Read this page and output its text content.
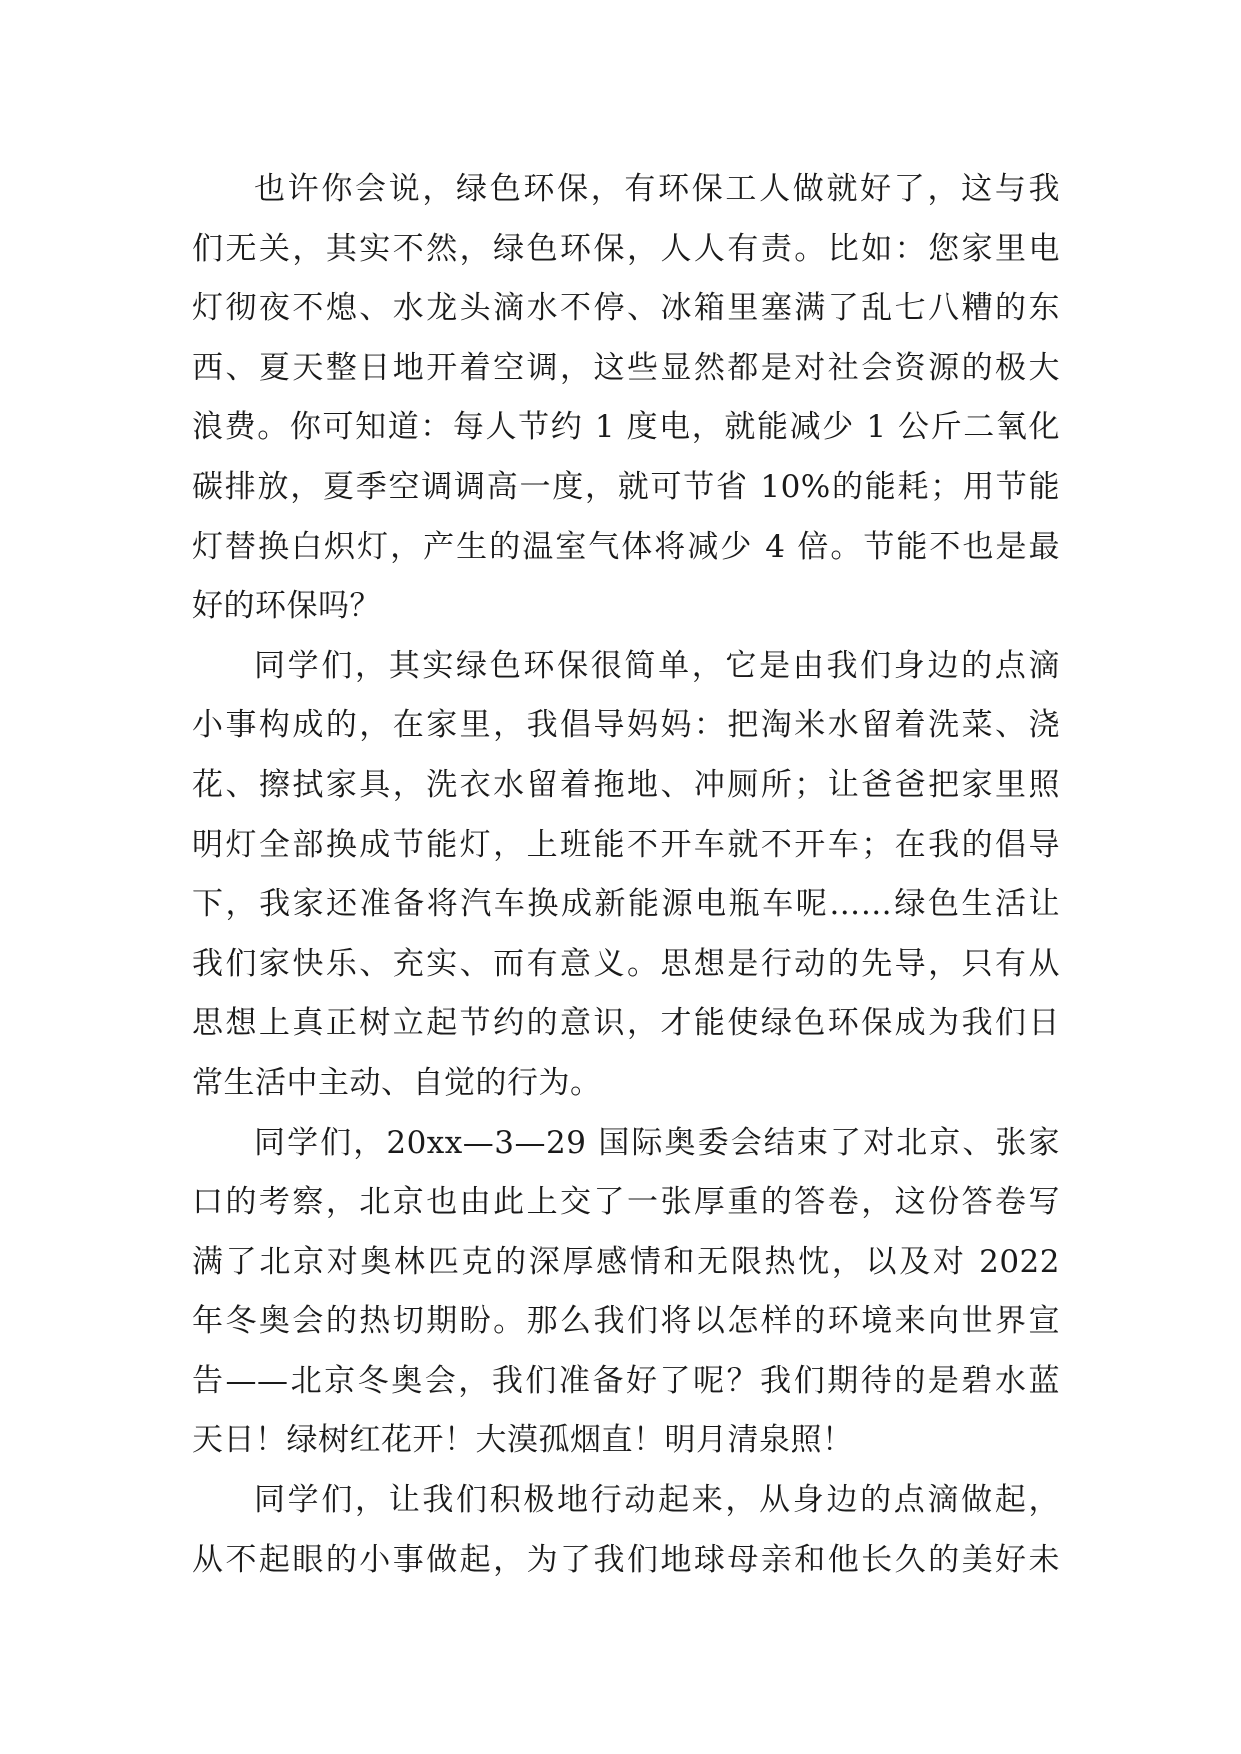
也许你会说，绿色环保，有环保工人做就好了，这与我
们无关，其实不然，绿色环保，人人有责。比如：您家里电
灯彻夜不熄、水龙头滴水不停、冰箱里塞满了乱七八糟的东
西、夏天整日地开着空调，这些显然都是对社会资源的极大
浪费。你可知道：每人节约 1 度电，就能减少 1 公斤二氧化
碳排放，夏季空调调高一度，就可节省 10%的能耗；用节能
灯替换白炽灯，产生的温室气体将减少 4 倍。节能不也是最
好的环保吗？
同学们，其实绿色环保很简单，它是由我们身边的点滴
小事构成的，在家里，我倡导妈妈：把淘米水留着洗菜、浇
花、擦拭家具，洗衣水留着拖地、冲厕所；让爸爸把家里照
明灯全部换成节能灯，上班能不开车就不开车；在我的倡导
下，我家还准备将汽车换成新能源电瓶车呢……绿色生活让
我们家快乐、充实、而有意义。思想是行动的先导，只有从
思想上真正树立起节约的意识，才能使绿色环保成为我们日
常生活中主动、自觉的行为。
同学们，20xx—3—29 国际奥委会结束了对北京、张家
口的考察，北京也由此上交了一张厚重的答卷，这份答卷写
满了北京对奥林匹克的深厚感情和无限热忱，以及对 2022
年冬奥会的热切期盼。那么我们将以怎样的环境来向世界宣
告——北京冬奥会，我们准备好了呢？我们期待的是碧水蓝
天日！绿树红花开！大漠孤烟直！明月清泉照！
同学们，让我们积极地行动起来，从身边的点滴做起，
从不起眼的小事做起，为了我们地球母亲和他长久的美好未
